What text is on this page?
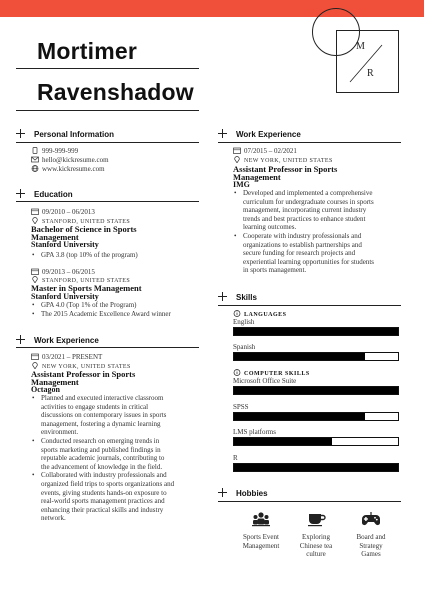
Mortimer
Ravenshadow
M
R
Personal Information
999-999-999
hello@kickresume.com
www.kickresume.com
Education
09/2010 – 06/2013
STANFORD, UNITED STATES
Bachelor of Science in Sports
Management
Stanford University
• GPA 3.8 (top 10% of the program)
09/2013 – 06/2015
STANFORD, UNITED STATES
Master in Sports Management
Stanford University
• GPA 4.0 (Top 1% of the Program)
• The 2015 Academic Excellence Award winner
Work Experience
03/2021 – PRESENT
NEW YORK, UNITED STATES
Assistant Professor in Sports
Management
Octagon
• Planned and executed interactive classroom
activities to engage students in critical
discussions on contemporary issues in sports
management, fostering a dynamic learning
environment.
• Conducted research on emerging trends in
sports marketing and published findings in
reputable academic journals, contributing to
the advancement of knowledge in the field.
• Collaborated with industry professionals and
organized field trips to sports organizations and
events, giving students hands-on exposure to
real-world sports management practices and
enhancing their practical skills and industry
network.
Work Experience
07/2015 – 02/2021
NEW YORK, UNITED STATES
Assistant Professor in Sports
Management
IMG
• Developed and implemented a comprehensive
curriculum for undergraduate courses in sports
management, incorporating current industry
trends and best practices to enhance student
learning outcomes.
• Cooperate with industry professionals and
organizations to establish partnerships and
secure funding for research projects and
experiential learning opportunities for students
in sports management.
Skills
LANGUAGES
English
Spanish
COMPUTER SKILLS
Microsoft Office Suite
SPSS
LMS platforms
R
Hobbies
Sports Event
Management
Exploring
Chinese tea
culture
Board and
Strategy
Games
